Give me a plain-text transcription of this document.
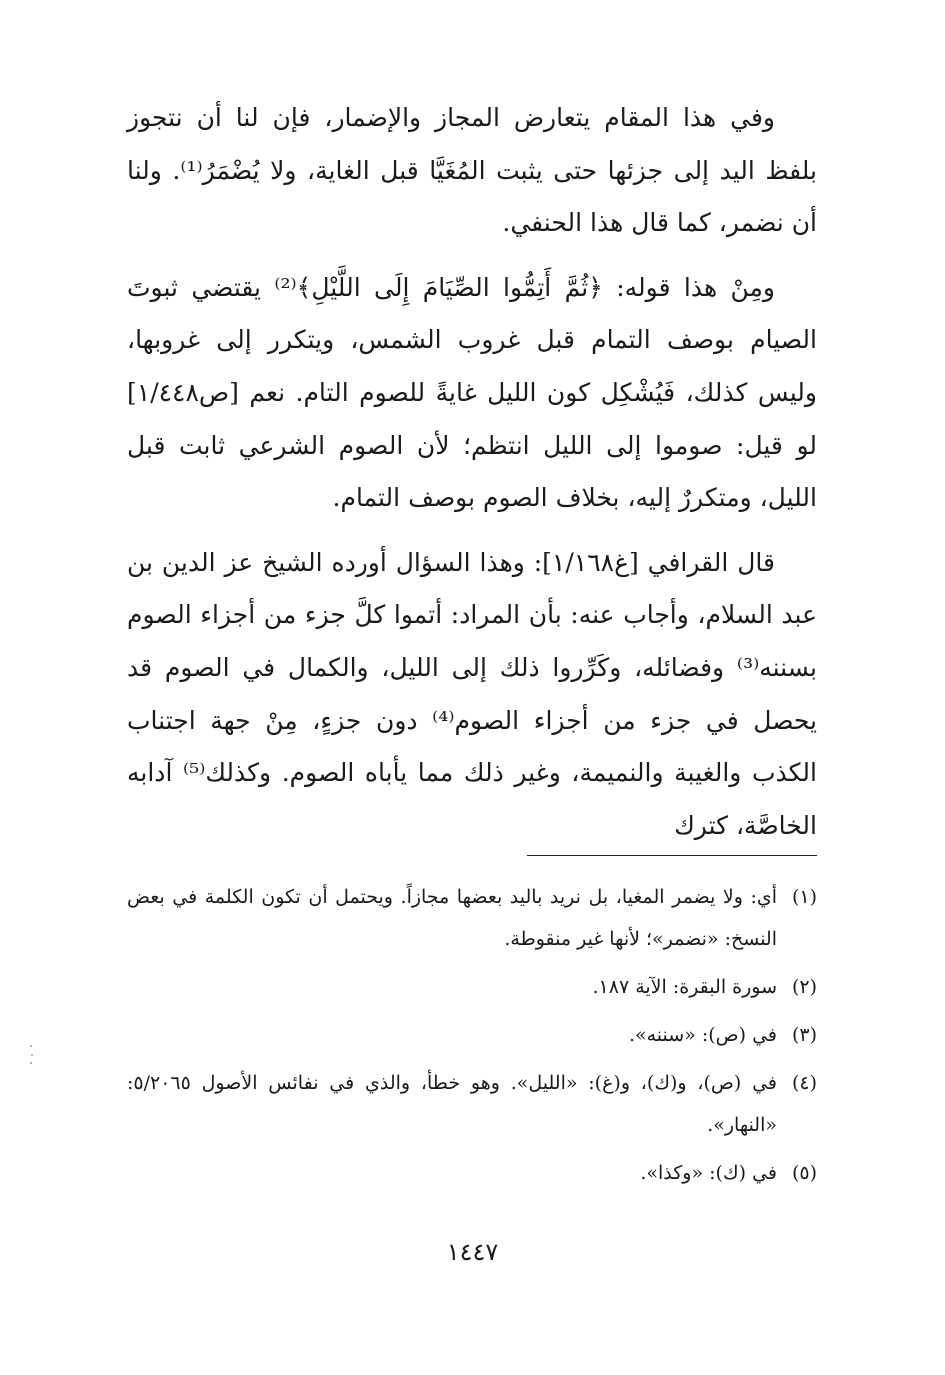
وفي هذا المقام يتعارض المجاز والإضمار، فإن لنا أن نتجوز بلفظ اليد إلى جزئها حتى يثبت المُغَيَّا قبل الغاية، ولا يُضْمَرُ⁽¹⁾. ولنا أن نضمر، كما قال هذا الحنفي.

ومِنْ هذا قوله: ﴿ثُمَّ أَتِمُّوا الصِّيَامَ إِلَى اللَّيْلِ﴾⁽²⁾ يقتضي ثبوتَ الصيام بوصف التمام قبل غروب الشمس، ويتكرر إلى غروبها، وليس كذلك، فَيُشْكِل كون الليل غايةً للصوم التام. نعم [ص١/٤٤٨] لو قيل: صوموا إلى الليل انتظم؛ لأن الصوم الشرعي ثابت قبل الليل، ومتكررٌ إليه، بخلاف الصوم بوصف التمام.

قال القرافي [غ١/١٦٨]: وهذا السؤال أورده الشيخ عز الدين بن عبد السلام، وأجاب عنه: بأن المراد: أتموا كلَّ جزء من أجزاء الصوم بسننه⁽³⁾ وفضائله، وكَرِّروا ذلك إلى الليل، والكمال في الصوم قد يحصل في جزء من أجزاء الصوم⁽⁴⁾ دون جزءٍ، مِنْ جهة اجتناب الكذب والغيبة والنميمة، وغير ذلك مما يأباه الصوم. وكذلك⁽⁵⁾ آدابه الخاصَّة، كترك

(١)
أي: ولا يضمر المغيا، بل نريد باليد بعضها مجازاً. ويحتمل أن تكون الكلمة في بعض النسخ: «نضمر»؛ لأنها غير منقوطة.
(٢)
سورة البقرة: الآية ١٨٧.
(٣)
في (ص): «سننه».
(٤)
في (ص)، و(ك)، و(غ): «الليل». وهو خطأ، والذي في نفائس الأصول ٥/٢٠٦٥: «النهار».
(٥)
في (ك): «وكذا».
١٤٤٧
